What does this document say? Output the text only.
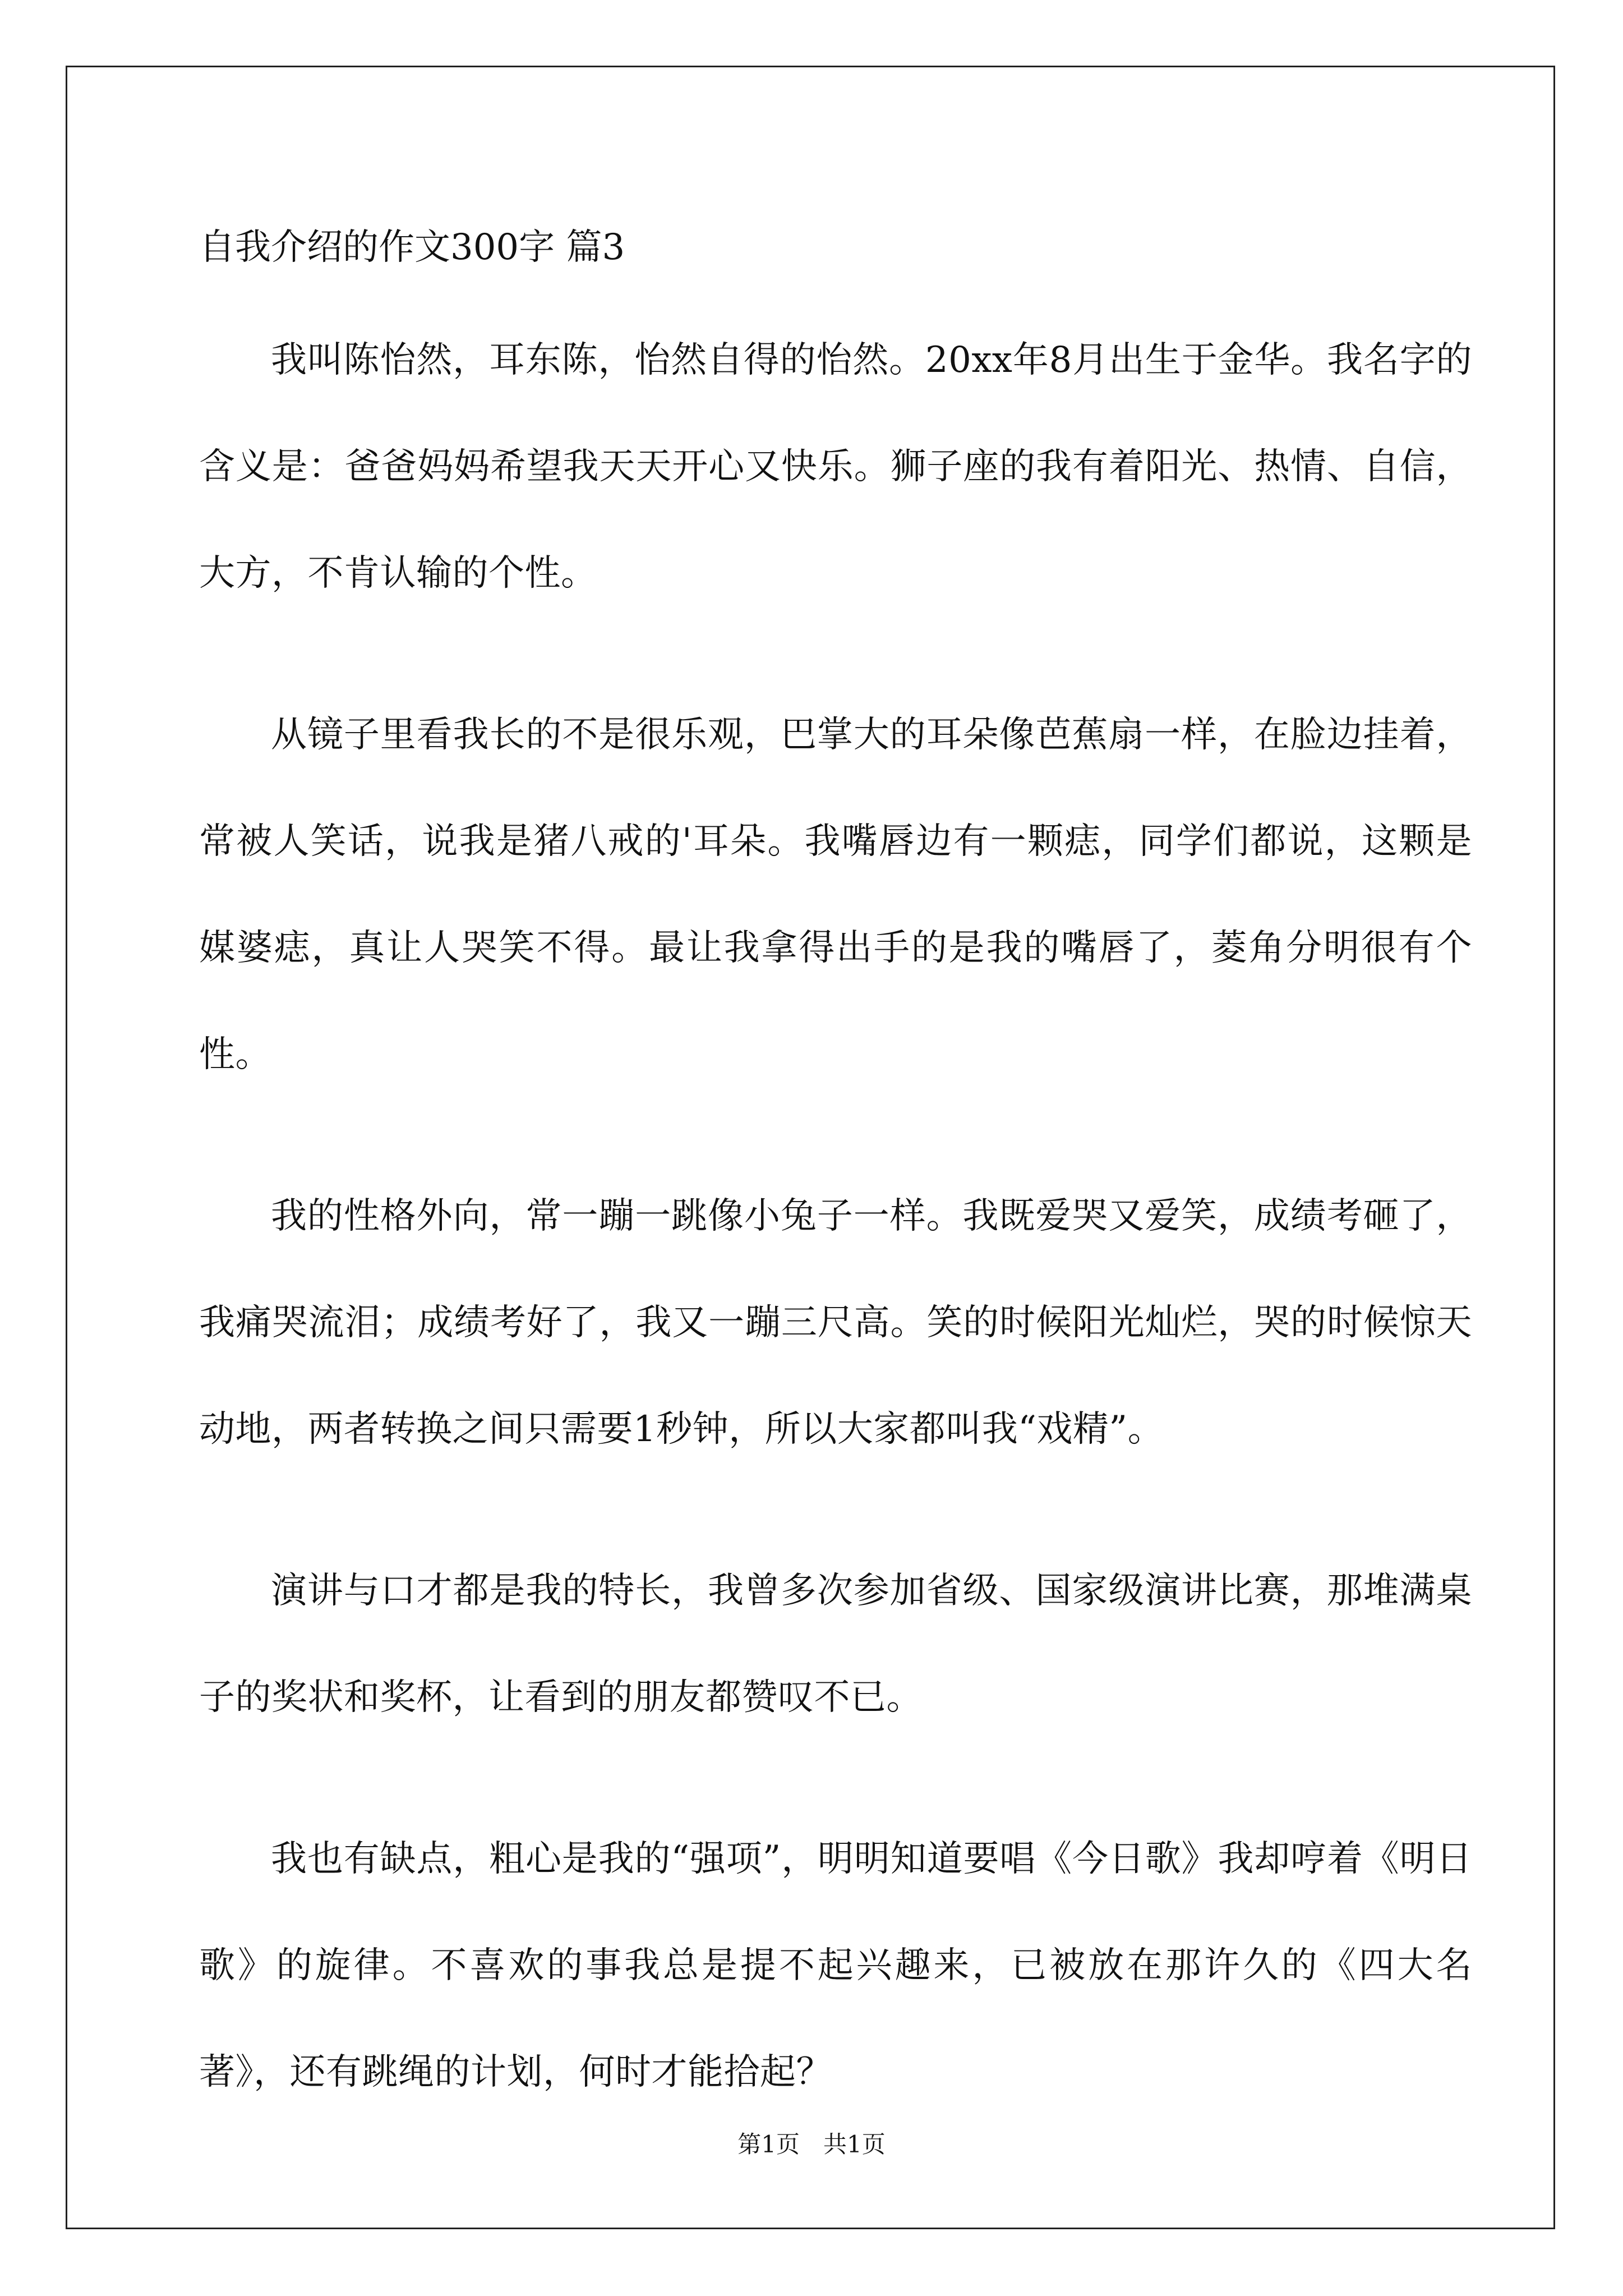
自我介绍的作文300字 篇3

我叫陈怡然，耳东陈，怡然自得的怡然。20xx年8月出生于金华。我名字的含义是：爸爸妈妈希望我天天开心又快乐。狮子座的我有着阳光、热情、自信，大方，不肯认输的个性。

从镜子里看我长的不是很乐观，巴掌大的耳朵像芭蕉扇一样，在脸边挂着，常被人笑话，说我是猪八戒的'耳朵。我嘴唇边有一颗痣，同学们都说，这颗是媒婆痣，真让人哭笑不得。最让我拿得出手的是我的嘴唇了，菱角分明很有个性。

我的性格外向，常一蹦一跳像小兔子一样。我既爱哭又爱笑，成绩考砸了，我痛哭流泪；成绩考好了，我又一蹦三尺高。笑的时候阳光灿烂，哭的时候惊天动地，两者转换之间只需要1秒钟，所以大家都叫我“戏精”。

演讲与口才都是我的特长，我曾多次参加省级、国家级演讲比赛，那堆满桌子的奖状和奖杯，让看到的朋友都赞叹不已。

我也有缺点，粗心是我的“强项”，明明知道要唱《今日歌》我却哼着《明日歌》的旋律。不喜欢的事我总是提不起兴趣来，已被放在那许久的《四大名著》，还有跳绳的计划，何时才能拾起？

第1页　共1页
